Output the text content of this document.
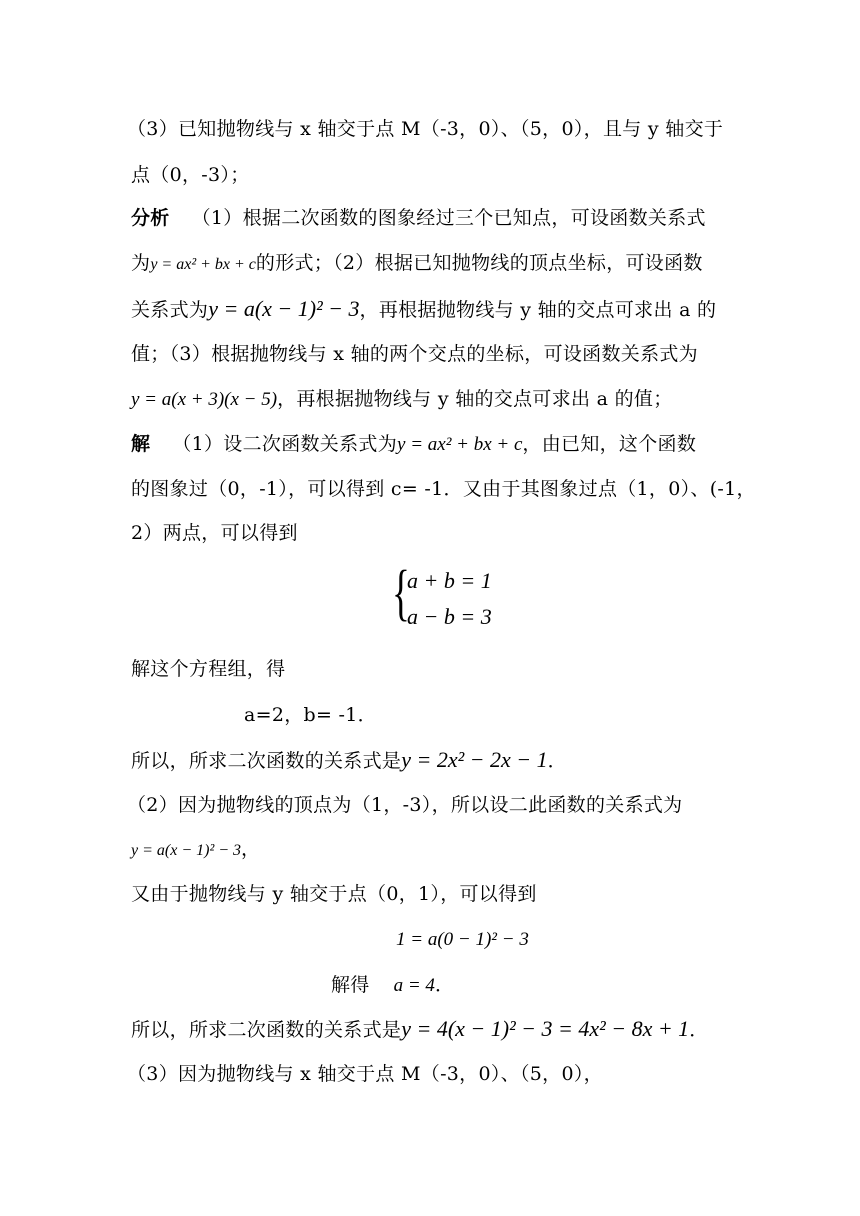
（3）已知抛物线与 x 轴交于点 M（-3，0）、（5，0），且与 y 轴交于
点（0，-3）；
分析 （1）根据二次函数的图象经过三个已知点，可设函数关系式
为y = ax² + bx + c的形式；（2）根据已知抛物线的顶点坐标，可设函数
关系式为y = a(x − 1)² − 3，再根据抛物线与 y 轴的交点可求出 a 的
值；（3）根据抛物线与 x 轴的两个交点的坐标，可设函数关系式为
y = a(x + 3)(x − 5)，再根据抛物线与 y 轴的交点可求出 a 的值；
解 （1）设二次函数关系式为y = ax² + bx + c，由已知，这个函数
的图象过（0，-1），可以得到 c= -1．又由于其图象过点（1，0）、(-1，
2）两点，可以得到
{
a + b = 1
a − b = 3
解这个方程组，得
a=2，b= -1．
所以，所求二次函数的关系式是y = 2x² − 2x − 1．
（2）因为抛物线的顶点为（1，-3），所以设二此函数的关系式为
y = a(x − 1)² − 3，
又由于抛物线与 y 轴交于点（0，1），可以得到
1 = a(0 − 1)² − 3
解得 a = 4．
所以，所求二次函数的关系式是y = 4(x − 1)² − 3 = 4x² − 8x + 1．
（3）因为抛物线与 x 轴交于点 M（-3，0）、（5，0），
